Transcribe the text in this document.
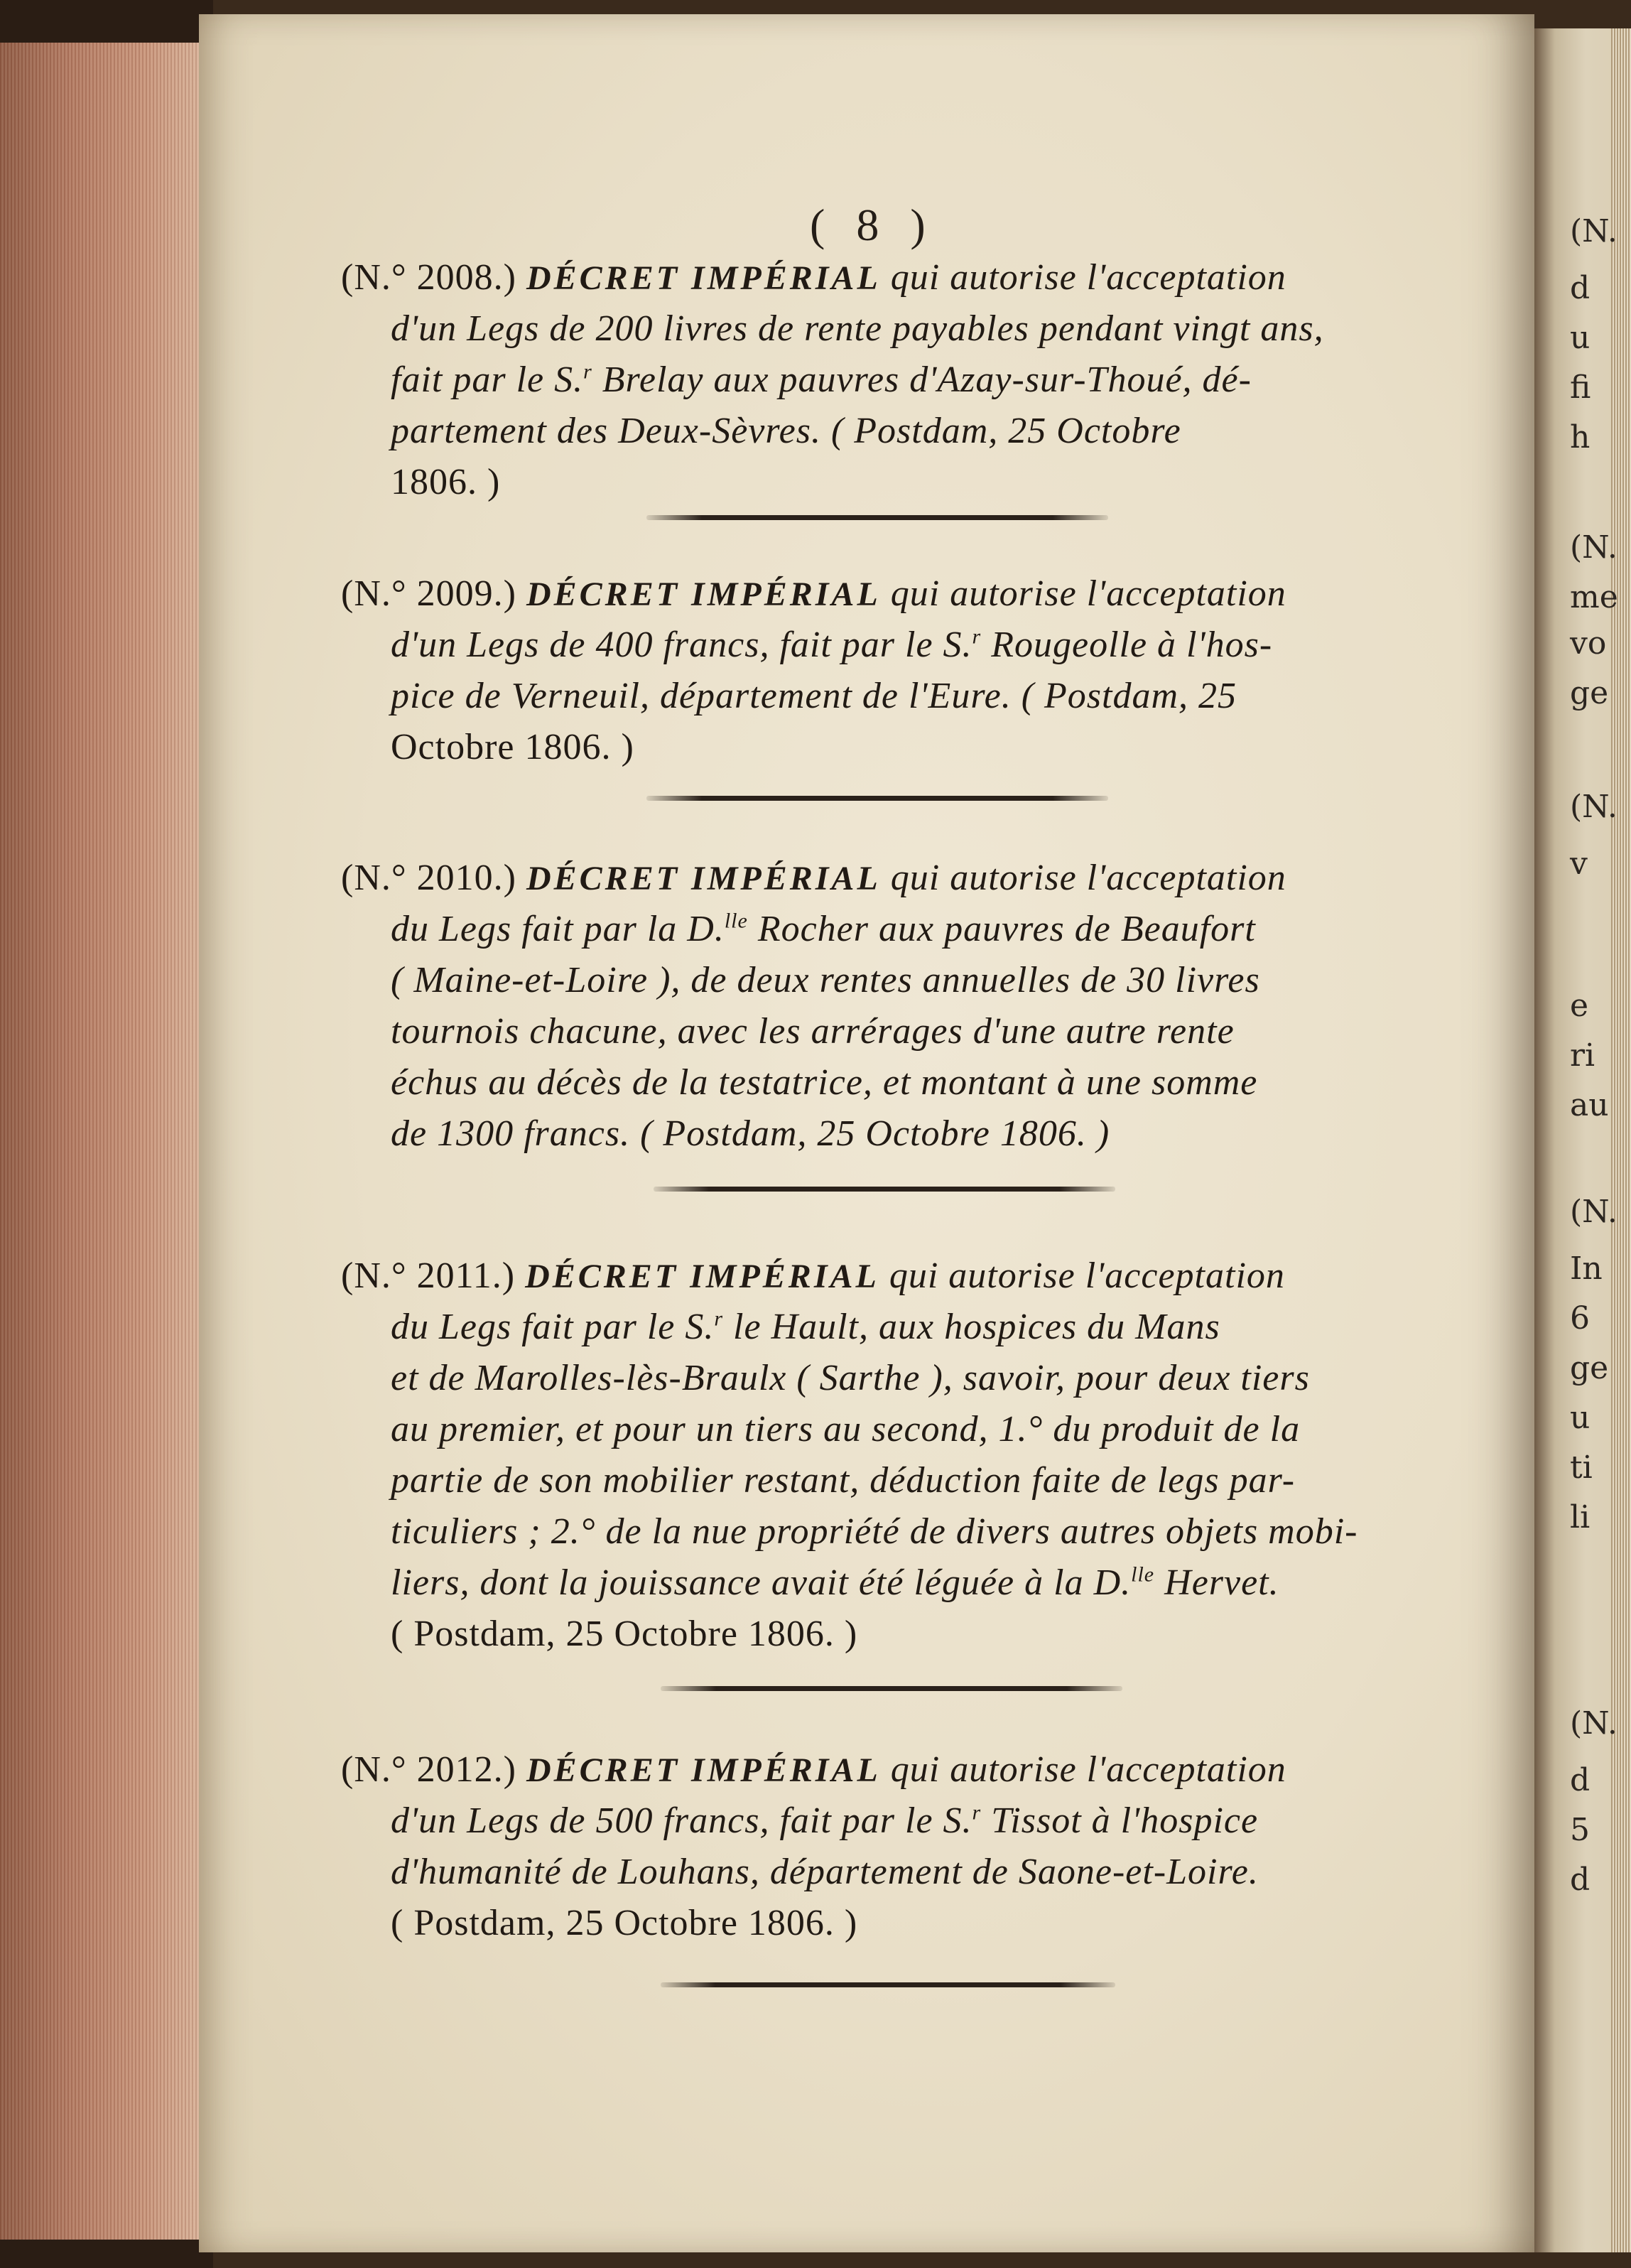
( 8 )
(N.° 2008.) DÉCRET IMPÉRIAL qui autorise l'acceptation
d'un Legs de 200 livres de rente payables pendant vingt ans,
fait par le S.$^r$ Brelay aux pauvres d'Azay-sur-Thoué, dé-
partement des Deux-Sèvres. ( Postdam, 25 Octobre
1806. )
(N.° 2009.) DÉCRET IMPÉRIAL qui autorise l'acceptation
d'un Legs de 400 francs, fait par le S.$^r$ Rougeolle à l'hos-
pice de Verneuil, département de l'Eure. ( Postdam, 25
Octobre 1806. )
(N.° 2010.) DÉCRET IMPÉRIAL qui autorise l'acceptation
du Legs fait par la D.$^{lle}$ Rocher aux pauvres de Beaufort
( Maine-et-Loire ), de deux rentes annuelles de 30 livres
tournois chacune, avec les arrérages d'une autre rente
échus au décès de la testatrice, et montant à une somme
de 1300 francs. ( Postdam, 25 Octobre 1806. )
(N.° 2011.) DÉCRET IMPÉRIAL qui autorise l'acceptation
du Legs fait par le S.$^r$ le Hault, aux hospices du Mans
et de Marolles-lès-Braulx ( Sarthe ), savoir, pour deux tiers
au premier, et pour un tiers au second, 1.° du produit de la
partie de son mobilier restant, déduction faite de legs par-
ticuliers ; 2.° de la nue propriété de divers autres objets mobi-
liers, dont la jouissance avait été léguée à la D.$^{lle}$ Hervet.
( Postdam, 25 Octobre 1806. )
(N.° 2012.) DÉCRET IMPÉRIAL qui autorise l'acceptation
d'un Legs de 500 francs, fait par le S.$^r$ Tissot à l'hospice
d'humanité de Louhans, département de Saone-et-Loire.
( Postdam, 25 Octobre 1806. )
(N.
d
u
fi
h
(N.
me
vo
ge
(N.
v
e
ri
au
(N.
In
6
ge
u
ti
li
(N.
d
5
d
